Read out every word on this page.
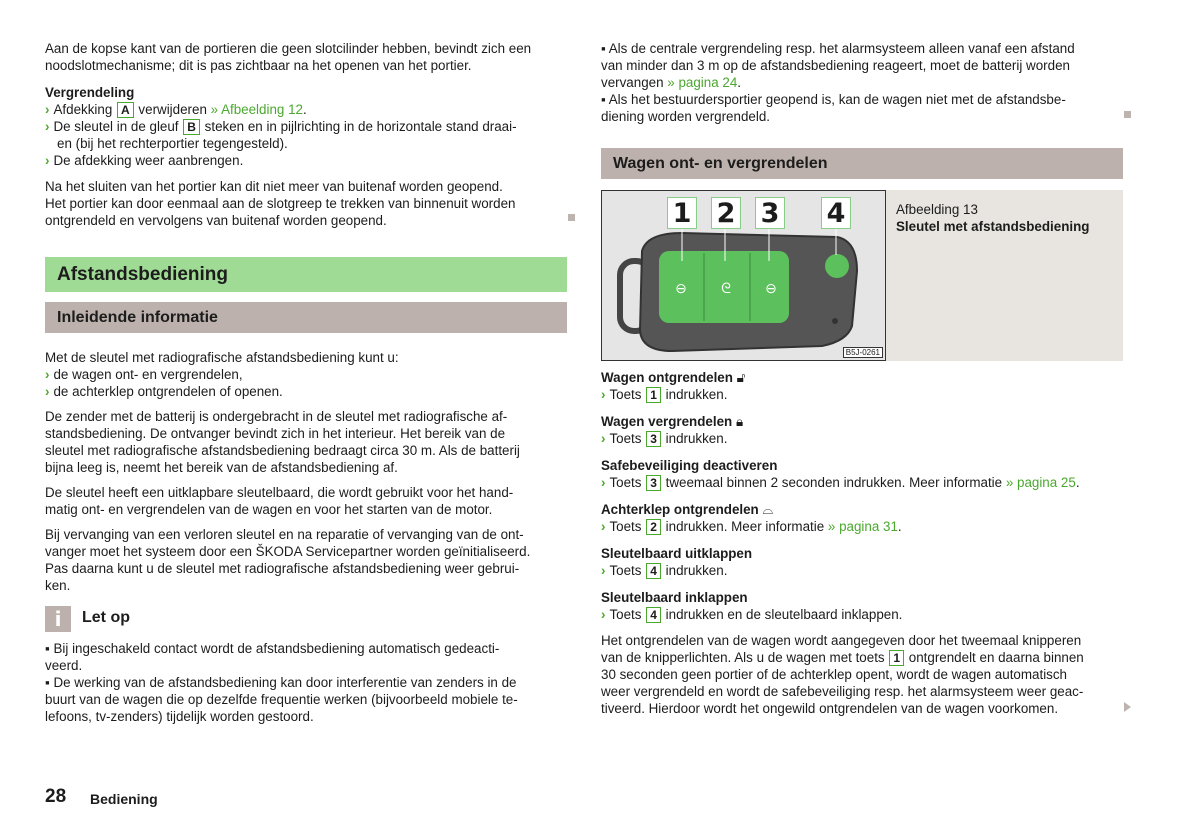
Aan de kopse kant van de portieren die geen slotcilinder hebben, bevindt zich een
noodslotmechanisme; dit is pas zichtbaar na het openen van het portier.
Vergrendeling
› Afdekking A verwijderen » Afbeelding 12.
› De sleutel in de gleuf B steken en in pijlrichting in de horizontale stand draai-
en (bij het rechterportier tegengesteld).
› De afdekking weer aanbrengen.
Na het sluiten van het portier kan dit niet meer van buitenaf worden geopend.
Het portier kan door eenmaal aan de slotgreep te trekken van binnenuit worden
ontgrendeld en vervolgens van buitenaf worden geopend.
Afstandsbediening
Inleidende informatie
Met de sleutel met radiografische afstandsbediening kunt u:
› de wagen ont- en vergrendelen,
› de achterklep ontgrendelen of openen.
De zender met de batterij is ondergebracht in de sleutel met radiografische af-
standsbediening. De ontvanger bevindt zich in het interieur. Het bereik van de
sleutel met radiografische afstandsbediening bedraagt circa 30 m. Als de batterij
bijna leeg is, neemt het bereik van de afstandsbediening af.
De sleutel heeft een uitklapbare sleutelbaard, die wordt gebruikt voor het hand-
matig ont- en vergrendelen van de wagen en voor het starten van de motor.
Bij vervanging van een verloren sleutel en na reparatie of vervanging van de ont-
vanger moet het systeem door een ŠKODA Servicepartner worden geïnitialiseerd.
Pas daarna kunt u de sleutel met radiografische afstandsbediening weer gebrui-
ken.
i	Let op
▪ Bij ingeschakeld contact wordt de afstandsbediening automatisch gedeacti-
veerd.
▪ De werking van de afstandsbediening kan door interferentie van zenders in de
buurt van de wagen die op dezelfde frequentie werken (bijvoorbeeld mobiele te-
lefoons, tv-zenders) tijdelijk worden gestoord.
28 Bediening
▪ Als de centrale vergrendeling resp. het alarmsysteem alleen vanaf een afstand
van minder dan 3 m op de afstandsbediening reageert, moet de batterij worden
vervangen » pagina 24.
▪ Als het bestuurdersportier geopend is, kan de wagen niet met de afstandsbe-
diening worden vergrendeld.
Wagen ont- en vergrendelen
⊖ ᘓ ⊖
1 2 3 4
B5J-0261
Afbeelding 13
Sleutel met afstandsbediening
Wagen ontgrendelen 🔓︎
› Toets 1 indrukken.
Wagen vergrendelen 🔒︎
› Toets 3 indrukken.
Safebeveiliging deactiveren
› Toets 3 tweemaal binnen 2 seconden indrukken. Meer informatie » pagina 25.
Achterklep ontgrendelen ⌓
› Toets 2 indrukken. Meer informatie » pagina 31.
Sleutelbaard uitklappen
› Toets 4 indrukken.
Sleutelbaard inklappen
› Toets 4 indrukken en de sleutelbaard inklappen.
Het ontgrendelen van de wagen wordt aangegeven door het tweemaal knipperen
van de knipperlichten. Als u de wagen met toets 1 ontgrendelt en daarna binnen
30 seconden geen portier of de achterklep opent, wordt de wagen automatisch
weer vergrendeld en wordt de safebeveiliging resp. het alarmsysteem weer geac-
tiveerd. Hierdoor wordt het ongewild ontgrendelen van de wagen voorkomen.
